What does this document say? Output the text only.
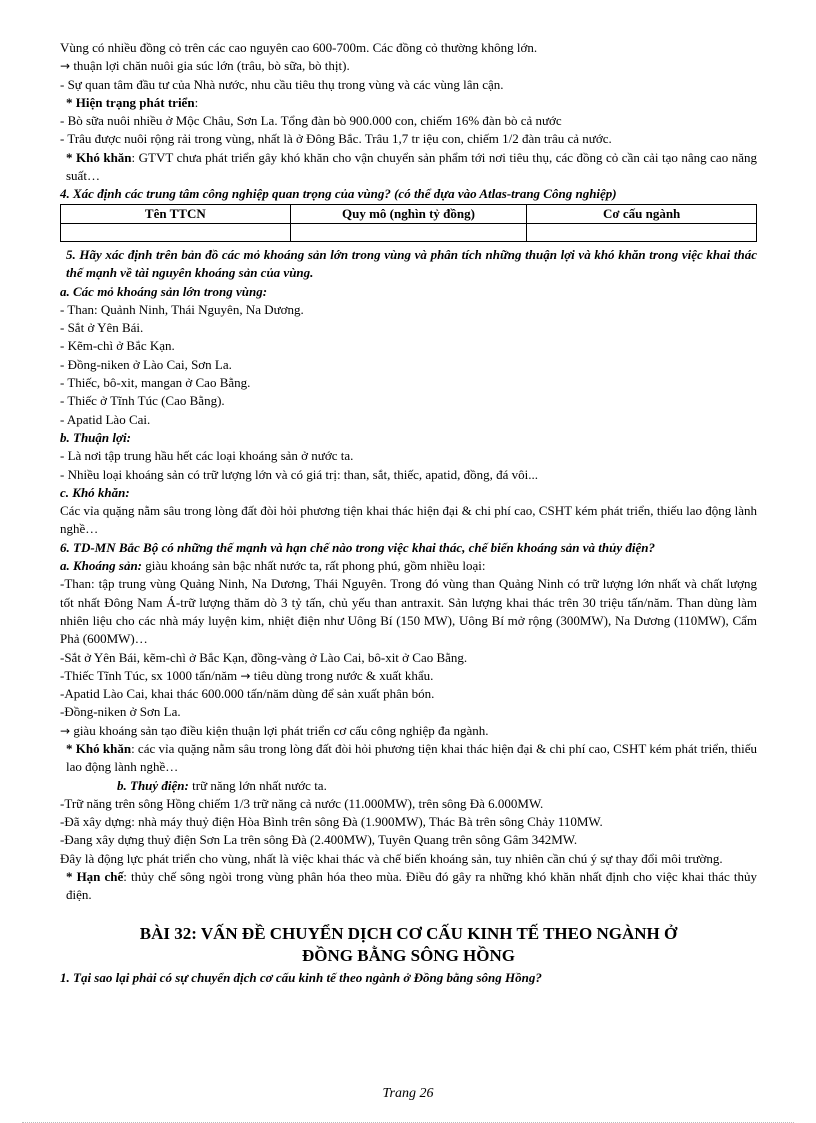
Vùng có nhiều đồng cỏ trên các cao nguyên cao 600-700m. Các đồng cỏ thường không lớn.

→ thuận lợi chăn nuôi gia súc lớn (trâu, bò sữa, bò thịt).

- Sự quan tâm đầu tư của Nhà nước, nhu cầu tiêu thụ trong vùng và các vùng lân cận.

* Hiện trạng phát triển:

- Bò sữa nuôi nhiều ở Mộc Châu, Sơn La. Tổng đàn bò 900.000 con, chiếm 16% đàn bò cả nước

- Trâu được nuôi rộng rải trong vùng, nhất là ở Đông Bắc. Trâu 1,7 tr iệu con, chiếm 1/2 đàn trâu cả nước.

* Khó khăn: GTVT chưa phát triển gây khó khăn cho vận chuyển sản phẩm tới nơi tiêu thụ, các đồng cỏ cần cải tạo nâng cao năng suất…

4. Xác định các trung tâm công nghiệp quan trọng của vùng? (có thể dựa vào Atlas-trang Công nghiệp)

Tên TTCN	Quy mô (nghìn tỷ đồng)	Cơ cấu ngành

5. Hãy xác định trên bản đồ các mỏ khoáng sản lớn trong vùng và phân tích những thuận lợi và khó khăn trong việc khai thác thế mạnh về tài nguyên khoáng sản của vùng.

a. Các mỏ khoáng sản lớn trong vùng:

- Than: Quảnh Ninh, Thái Nguyên, Na Dương.

- Sắt ở Yên Bái.

- Kẽm-chì ở Bắc Kạn.

- Đồng-niken ở Lào Cai, Sơn La.

- Thiếc, bô-xit, mangan ở Cao Bằng.

- Thiếc ở Tĩnh Túc (Cao Bằng).

- Apatid Lào Cai.

b. Thuận lợi:

- Là nơi tập trung hầu hết các loại khoáng sản ở nước ta.

- Nhiều loại khoáng sản có trữ lượng lớn và có giá trị: than, sắt, thiếc, apatid, đồng, đá vôi...

c. Khó khăn:

Các vỉa quặng nằm sâu trong lòng đất đòi hỏi phương tiện khai thác hiện đại & chi phí cao, CSHT kém phát triển, thiếu lao động lành nghề…

6. TD-MN Bắc Bộ có những thế mạnh và hạn chế nào trong việc khai thác, chế biến khoáng sản và thủy điện?

a. Khoáng sản: giàu khoáng sản bậc nhất nước ta, rất phong phú, gồm nhiều loại:

-Than: tập trung vùng Quảng Ninh, Na Dương, Thái Nguyên. Trong đó vùng than Quảng Ninh có trữ lượng lớn nhất và chất lượng tốt nhất Đông Nam Á-trữ lượng thăm dò 3 tỷ tấn, chủ yếu than antraxit. Sản lượng khai thác trên 30 triệu tấn/năm. Than dùng làm nhiên liệu cho các nhà máy luyện kim, nhiệt điện như Uông Bí (150 MW), Uông Bí mở rộng (300MW), Na Dương (110MW), Cẩm Phả (600MW)…

-Sắt ở Yên Bái, kẽm-chì ở Bắc Kạn, đồng-vàng ở Lào Cai, bô-xit ở Cao Bằng.

-Thiếc Tĩnh Túc, sx 1000 tấn/năm → tiêu dùng trong nước & xuất khẩu.

-Apatid Lào Cai, khai thác 600.000 tấn/năm dùng để sản xuất phân bón.

-Đồng-niken ở Sơn La.

→ giàu khoáng sản tạo điều kiện thuận lợi phát triển cơ cấu công nghiệp đa ngành.

* Khó khăn: các vỉa quặng nằm sâu trong lòng đất đòi hỏi phương tiện khai thác hiện đại & chi phí cao, CSHT kém phát triển, thiếu lao động lành nghề…

b. Thuỷ điện: trữ năng lớn nhất nước ta.

-Trữ năng trên sông Hồng chiếm 1/3 trữ năng cả nước (11.000MW), trên sông Đà 6.000MW.

-Đã xây dựng: nhà máy thuỷ điện Hòa Bình trên sông Đà (1.900MW), Thác Bà trên sông Chảy 110MW.

-Đang xây dựng thuỷ điện Sơn La trên sông Đà (2.400MW), Tuyên Quang trên sông Gâm 342MW.

Đây là động lực phát triển cho vùng, nhất là việc khai thác và chế biến khoáng sản, tuy nhiên cần chú ý sự thay đổi môi trường.

* Hạn chế: thủy chế sông ngòi trong vùng phân hóa theo mùa. Điều đó gây ra những khó khăn nhất định cho việc khai thác thủy điện.

BÀI 32: VẤN ĐỀ CHUYỂN DỊCH CƠ CẤU KINH TẾ THEO NGÀNH Ở
ĐỒNG BẰNG SÔNG HỒNG

1. Tại sao lại phải có sự chuyển dịch cơ cấu kinh tế theo ngành ở Đồng bằng sông Hồng?

Trang 26
